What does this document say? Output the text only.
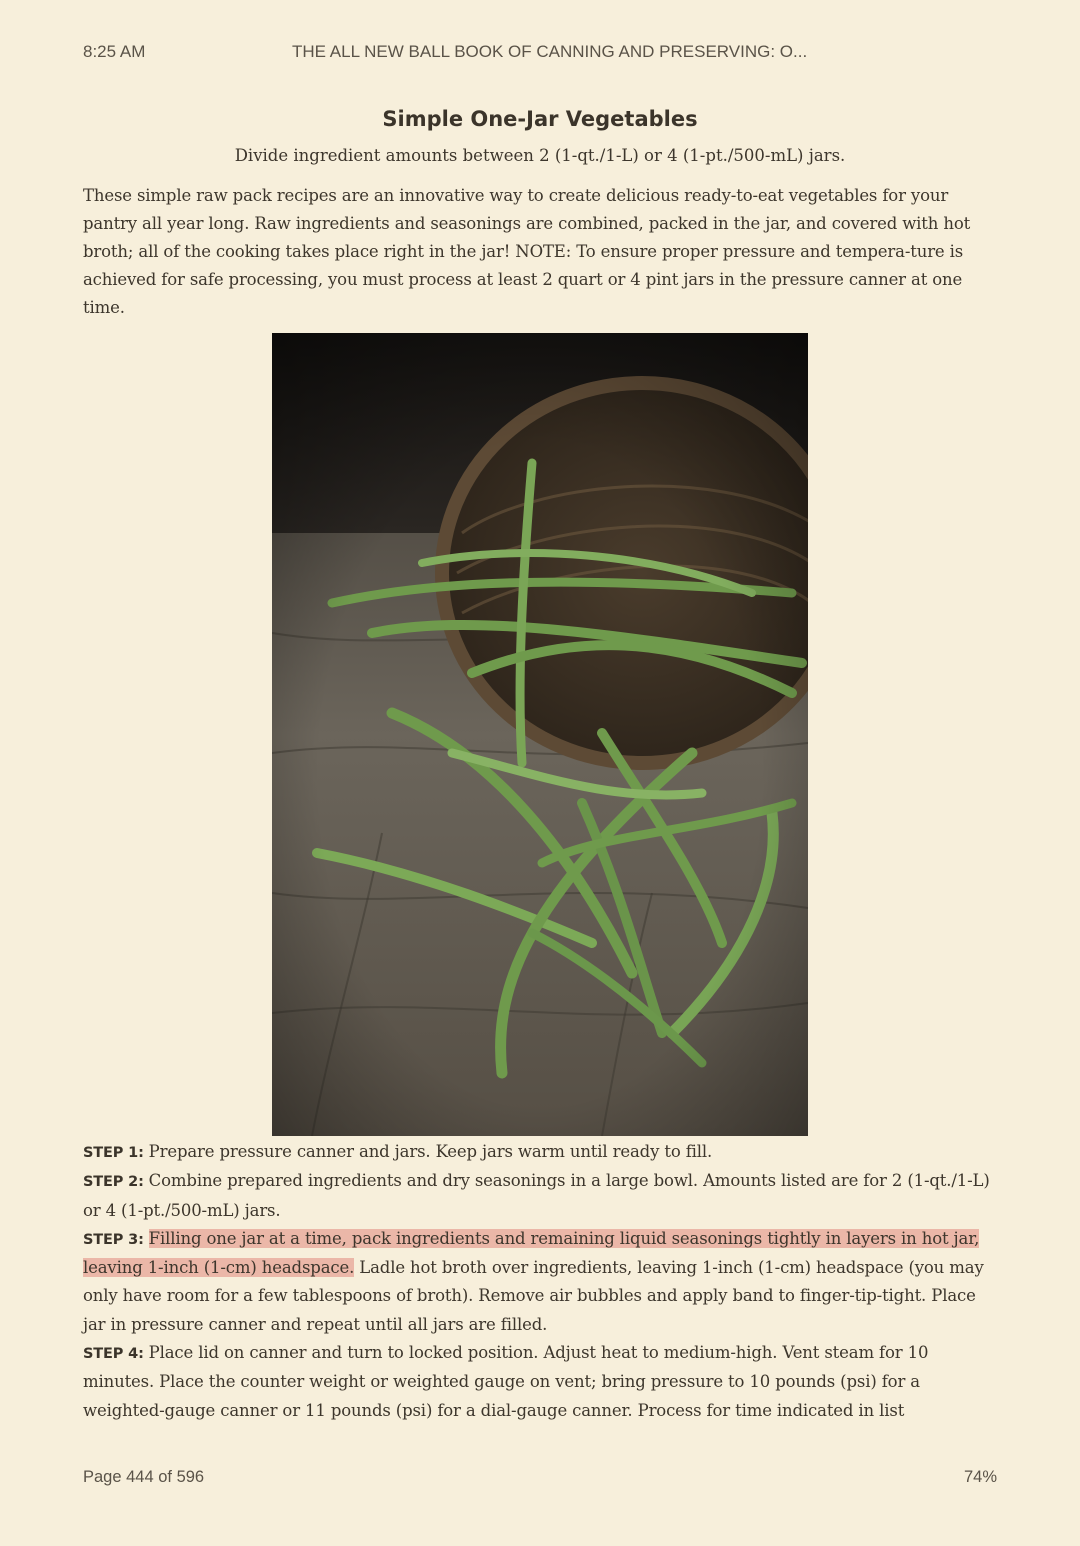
8:25 AM	THE ALL NEW BALL BOOK OF CANNING AND PRESERVING: O...
Simple One-Jar Vegetables

Divide ingredient amounts between 2 (1-qt./1-L) or 4 (1-pt./500-mL) jars.

These simple raw pack recipes are an innovative way to create delicious ready-to-eat vegetables for your pantry all year long. Raw ingredients and seasonings are combined, packed in the jar, and covered with hot broth; all of the cooking takes place right in the jar! NOTE: To ensure proper pressure and tempera-ture is achieved for safe processing, you must process at least 2 quart or 4 pint jars in the pressure canner at one time.

STEP 1: Prepare pressure canner and jars. Keep jars warm until ready to fill.

STEP 2: Combine prepared ingredients and dry seasonings in a large bowl. Amounts listed are for 2 (1-qt./1-L) or 4 (1-pt./500-mL) jars.

STEP 3: Filling one jar at a time, pack ingredients and remaining liquid seasonings tightly in layers in hot jar, leaving 1-inch (1-cm) headspace. Ladle hot broth over ingredients, leaving 1-inch (1-cm) headspace (you may only have room for a few tablespoons of broth). Remove air bubbles and apply band to finger-tip-tight. Place jar in pressure canner and repeat until all jars are filled.

STEP 4: Place lid on canner and turn to locked position. Adjust heat to medium-high. Vent steam for 10 minutes. Place the counter weight or weighted gauge on vent; bring pressure to 10 pounds (psi) for a weighted-gauge canner or 11 pounds (psi) for a dial-gauge canner. Process for time indicated in list

Page 444 of 596	74%
